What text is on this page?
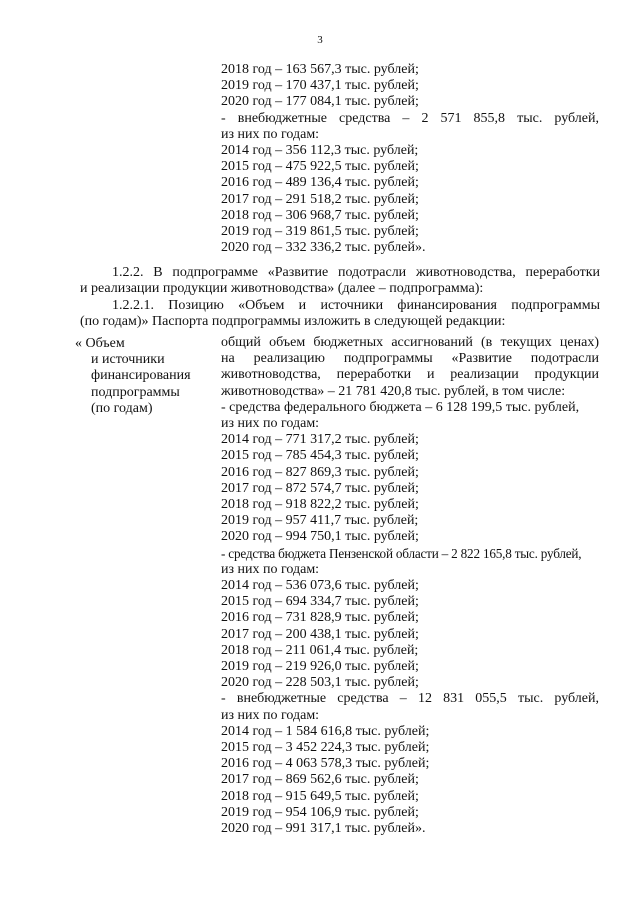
3
2018 год – 163 567,3 тыс. рублей;
2019 год – 170 437,1 тыс. рублей;
2020 год – 177 084,1 тыс. рублей;
- внебюджетные средства – 2 571 855,8 тыс. рублей,
из них по годам:
2014 год – 356 112,3 тыс. рублей;
2015 год – 475 922,5 тыс. рублей;
2016 год – 489 136,4 тыс. рублей;
2017 год – 291 518,2 тыс. рублей;
2018 год – 306 968,7 тыс. рублей;
2019 год – 319 861,5 тыс. рублей;
2020 год – 332 336,2 тыс. рублей».
1.2.2. В подпрограмме «Развитие подотрасли животноводства, переработки
и реализации продукции животноводства» (далее – подпрограмма):
1.2.2.1. Позицию «Объем и источники финансирования подпрограммы
(по годам)» Паспорта подпрограммы изложить в следующей редакции:
« Объем
и источники
финансирования
подпрограммы
(по годам)
общий объем бюджетных ассигнований (в текущих ценах)
на реализацию подпрограммы «Развитие подотрасли
животноводства, переработки и реализации продукции
животноводства» – 21 781 420,8 тыс. рублей, в том числе:
- средства федерального бюджета – 6 128 199,5 тыс. рублей,
из них по годам:
2014 год – 771 317,2 тыс. рублей;
2015 год – 785 454,3 тыс. рублей;
2016 год – 827 869,3 тыс. рублей;
2017 год – 872 574,7 тыс. рублей;
2018 год – 918 822,2 тыс. рублей;
2019 год – 957 411,7 тыс. рублей;
2020 год – 994 750,1 тыс. рублей;
- средства бюджета Пензенской области – 2 822 165,8 тыс. рублей,
из них по годам:
2014 год – 536 073,6 тыс. рублей;
2015 год – 694 334,7 тыс. рублей;
2016 год – 731 828,9 тыс. рублей;
2017 год – 200 438,1 тыс. рублей;
2018 год – 211 061,4 тыс. рублей;
2019 год – 219 926,0 тыс. рублей;
2020 год – 228 503,1 тыс. рублей;
- внебюджетные средства – 12 831 055,5 тыс. рублей,
из них по годам:
2014 год – 1 584 616,8 тыс. рублей;
2015 год – 3 452 224,3 тыс. рублей;
2016 год – 4 063 578,3 тыс. рублей;
2017 год – 869 562,6 тыс. рублей;
2018 год – 915 649,5 тыс. рублей;
2019 год – 954 106,9 тыс. рублей;
2020 год – 991 317,1 тыс. рублей».
